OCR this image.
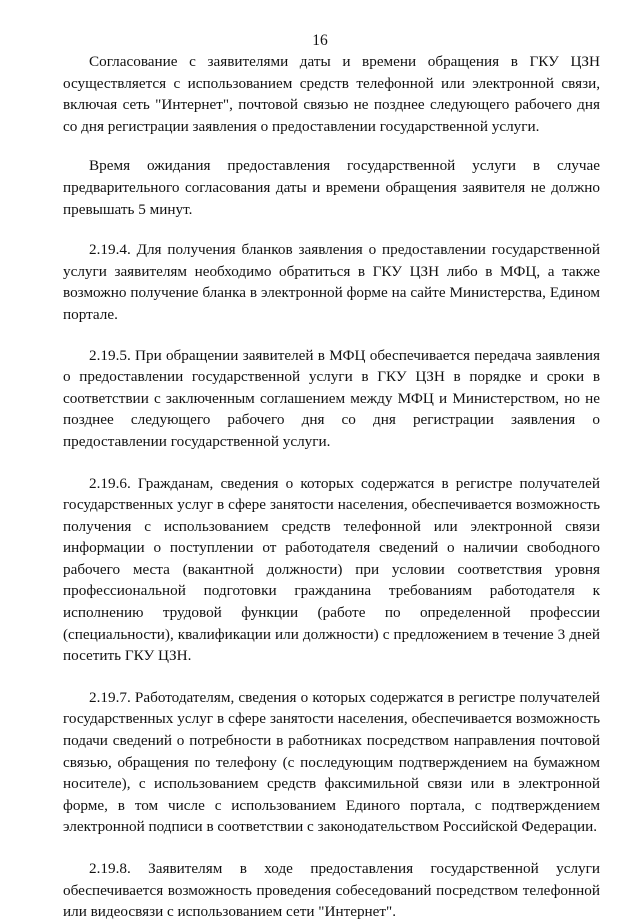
16

Согласование с заявителями даты и времени обращения в ГКУ ЦЗН осуществляется с использованием средств телефонной или электронной связи, включая сеть "Интернет", почтовой связью не позднее следующего рабочего дня со дня регистрации заявления о предоставлении государственной услуги.

Время ожидания предоставления государственной услуги в случае предварительного согласования даты и времени обращения заявителя не должно превышать 5 минут.

2.19.4. Для получения бланков заявления о предоставлении государственной услуги заявителям необходимо обратиться в ГКУ ЦЗН либо в МФЦ, а также возможно получение бланка в электронной форме на сайте Министерства, Едином портале.

2.19.5. При обращении заявителей в МФЦ обеспечивается передача заявления о предоставлении государственной услуги в ГКУ ЦЗН в порядке и сроки в соответствии с заключенным соглашением между МФЦ и Министерством, но не позднее следующего рабочего дня со дня регистрации заявления о предоставлении государственной услуги.

2.19.6. Гражданам, сведения о которых содержатся в регистре получателей государственных услуг в сфере занятости населения, обеспечивается возможность получения с использованием средств телефонной или электронной связи информации о поступлении от работодателя сведений о наличии свободного рабочего места (вакантной должности) при условии соответствия уровня профессиональной подготовки гражданина требованиям работодателя к исполнению трудовой функции (работе по определенной профессии (специальности), квалификации или должности) с предложением в течение 3 дней посетить ГКУ ЦЗН.

2.19.7. Работодателям, сведения о которых содержатся в регистре получателей государственных услуг в сфере занятости населения, обеспечивается возможность подачи сведений о потребности в работниках посредством направления почтовой связью, обращения по телефону (с последующим подтверждением на бумажном носителе), с использованием средств факсимильной связи или в электронной форме, в том числе с использованием Единого портала, с подтверждением электронной подписи в соответствии с законодательством Российской Федерации.

2.19.8. Заявителям в ходе предоставления государственной услуги обеспечивается возможность проведения собеседований посредством телефонной или видеосвязи с использованием сети "Интернет".
